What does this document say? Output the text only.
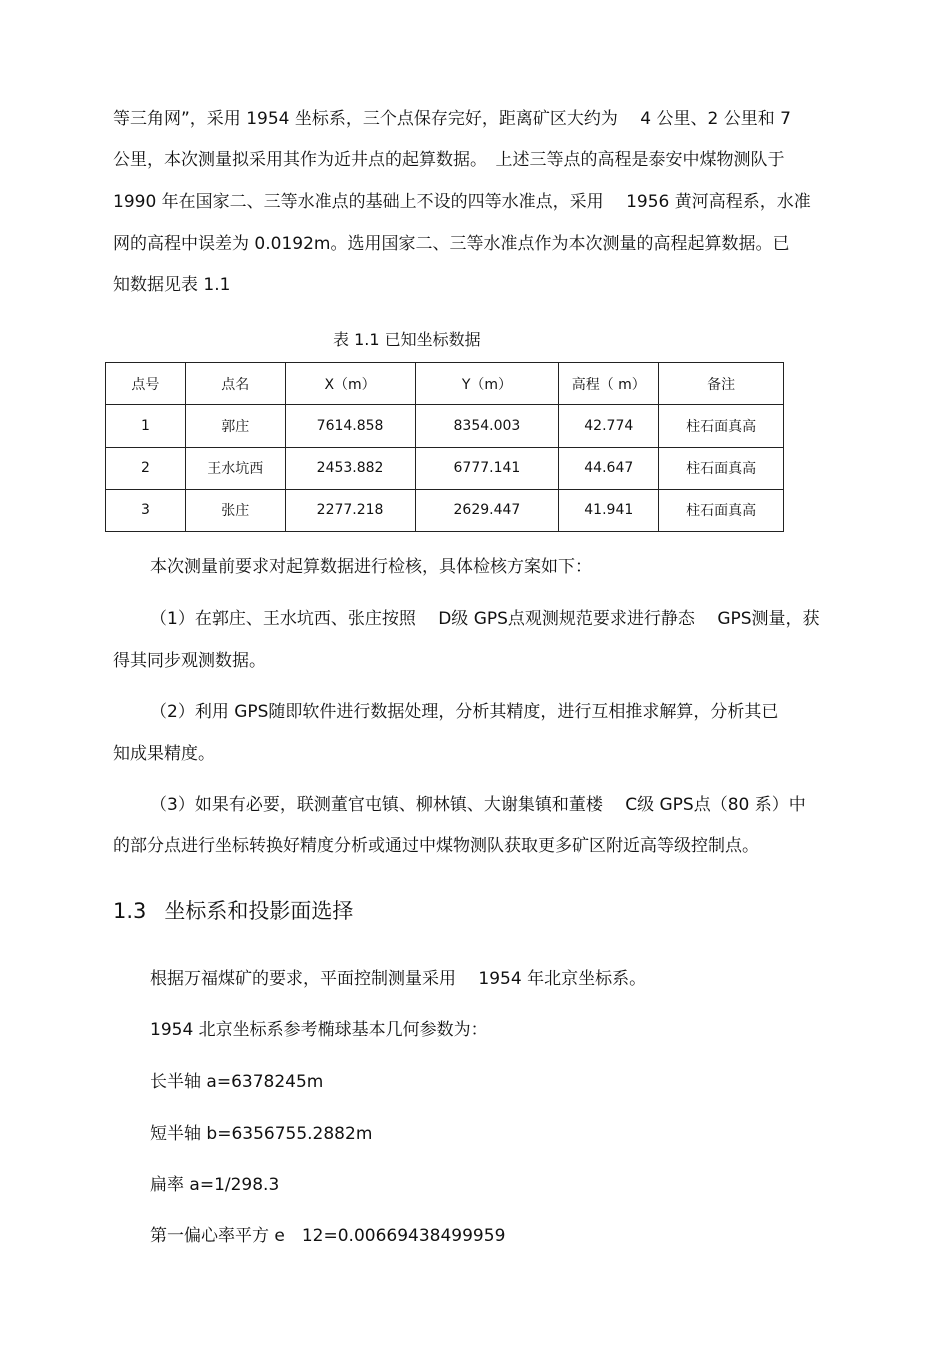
等三角网”，采用 1954 坐标系，三个点保存完好，距离矿区大约为　 4 公里、2 公里和 7
公里，本次测量拟采用其作为近井点的起算数据。　上述三等点的高程是泰安中煤物测队于
1990 年在国家二、三等水准点的基础上不设的四等水准点，采用　 1956 黄河高程系，水准
网的高程中误差为 0.0192m。选用国家二、三等水准点作为本次测量的高程起算数据。已
知数据见表 1.1
表 1.1 已知坐标数据
点号	点名	X（m）	Y（m）	高程（ m）	备注
1	郭庄	7614.858	8354.003	42.774	柱石面真高
2	王水坑西	2453.882	6777.141	44.647	柱石面真高
3	张庄	2277.218	2629.447	41.941	柱石面真高
本次测量前要求对起算数据进行检核，具体检核方案如下：
（1）在郭庄、王水坑西、张庄按照　 D级 GPS点观测规范要求进行静态　 GPS测量，获
得其同步观测数据。
（2）利用 GPS随即软件进行数据处理，分析其精度，进行互相推求解算，分析其已
知成果精度。
（3）如果有必要，联测董官屯镇、柳林镇、大谢集镇和董楼　 C级 GPS点（80 系）中
的部分点进行坐标转换好精度分析或通过中煤物测队获取更多矿区附近高等级控制点。
1.3 坐标系和投影面选择
根据万福煤矿的要求，平面控制测量采用　 1954 年北京坐标系。
1954 北京坐标系参考椭球基本几何参数为：
长半轴 a=6378245m
短半轴 b=6356755.2882m
扁率 a=1/298.3
第一偏心率平方 e　12=0.00669438499959
